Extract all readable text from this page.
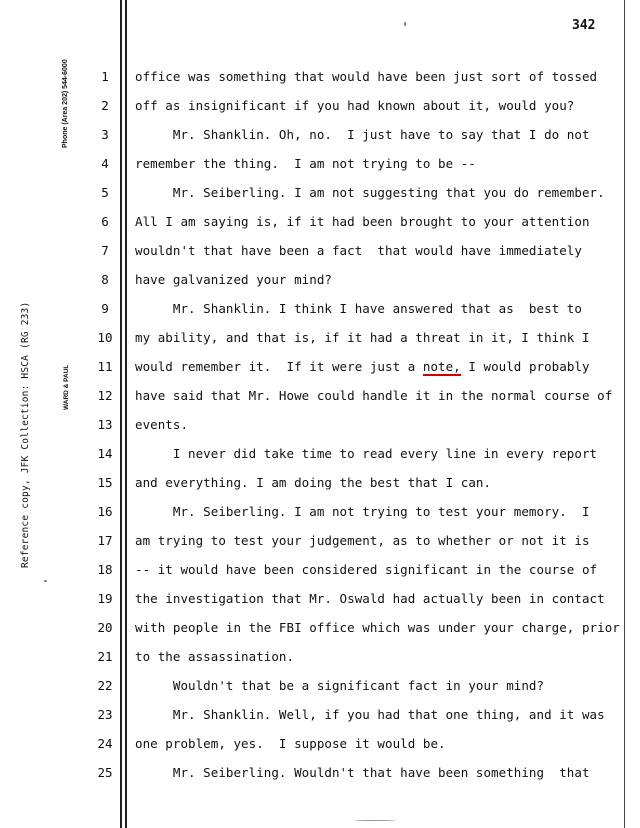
342
Phone (Area 202) 544-6000
Reference copy, JFK Collection: HSCA (RG 233)	WARD & PAUL
1	office was something that would have been just sort of tossed
2	off as insignificant if you had known about it, would you?
3	Mr. Shanklin. Oh, no.  I just have to say that I do not
4	remember the thing.  I am not trying to be --
5	Mr. Seiberling. I am not suggesting that you do remember.
6	All I am saying is, if it had been brought to your attention
7	wouldn't that have been a fact  that would have immediately
8	have galvanized your mind?
9	Mr. Shanklin. I think I have answered that as  best to
10 my ability, and that is, if it had a threat in it, I think I
11 would remember it.  If it were just a note, I would probably
12 have said that Mr. Howe could handle it in the normal course of
13 events.
14 I never did take time to read every line in every report
15 and everything. I am doing the best that I can.
16 Mr. Seiberling. I am not trying to test your memory.  I
17 am trying to test your judgement, as to whether or not it is
18 -- it would have been considered significant in the course of
19 the investigation that Mr. Oswald had actually been in contact
20 with people in the FBI office which was under your charge, prior
21 to the assassination.
22 Wouldn't that be a significant fact in your mind?
23 Mr. Shanklin. Well, if you had that one thing, and it was
24 one problem, yes.  I suppose it would be.
25 Mr. Seiberling. Wouldn't that have been something  that
